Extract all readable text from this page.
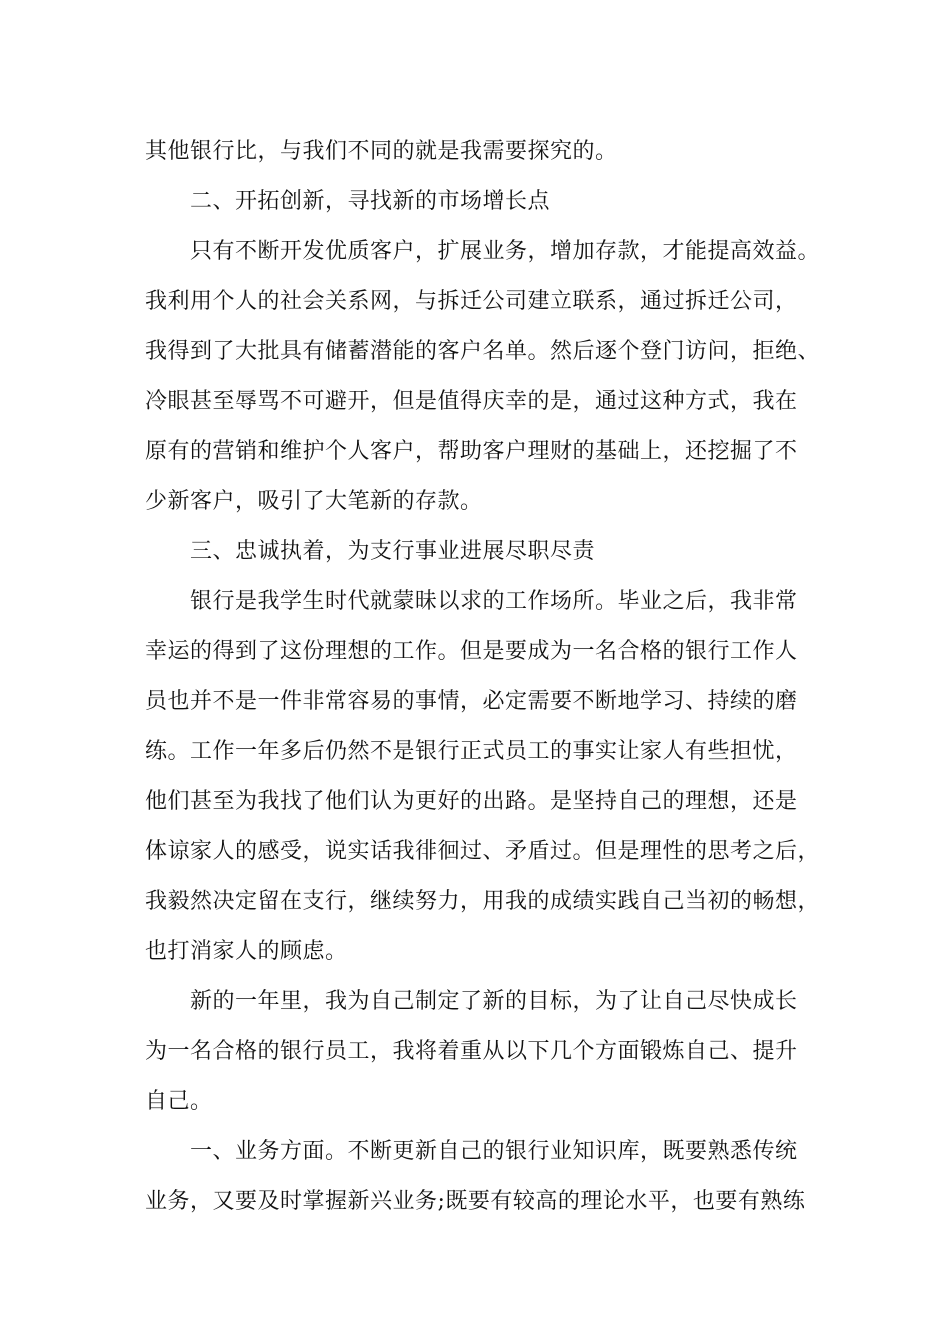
其他银行比，与我们不同的就是我需要探究的。
二、开拓创新，寻找新的市场增长点
只有不断开发优质客户，扩展业务，增加存款，才能提高效益。
我利用个人的社会关系网，与拆迁公司建立联系，通过拆迁公司，
我得到了大批具有储蓄潜能的客户名单。然后逐个登门访问，拒绝、
冷眼甚至辱骂不可避开，但是值得庆幸的是，通过这种方式，我在
原有的营销和维护个人客户，帮助客户理财的基础上，还挖掘了不
少新客户，吸引了大笔新的存款。
三、忠诚执着，为支行事业进展尽职尽责
银行是我学生时代就蒙昧以求的工作场所。毕业之后，我非常
幸运的得到了这份理想的工作。但是要成为一名合格的银行工作人
员也并不是一件非常容易的事情，必定需要不断地学习、持续的磨
练。工作一年多后仍然不是银行正式员工的事实让家人有些担忧，
他们甚至为我找了他们认为更好的出路。是坚持自己的理想，还是
体谅家人的感受，说实话我徘徊过、矛盾过。但是理性的思考之后，
我毅然决定留在支行，继续努力，用我的成绩实践自己当初的畅想，
也打消家人的顾虑。
新的一年里，我为自己制定了新的目标，为了让自己尽快成长
为一名合格的银行员工，我将着重从以下几个方面锻炼自己、提升
自己。
一、业务方面。不断更新自己的银行业知识库，既要熟悉传统
业务，又要及时掌握新兴业务;既要有较高的理论水平，也要有熟练
